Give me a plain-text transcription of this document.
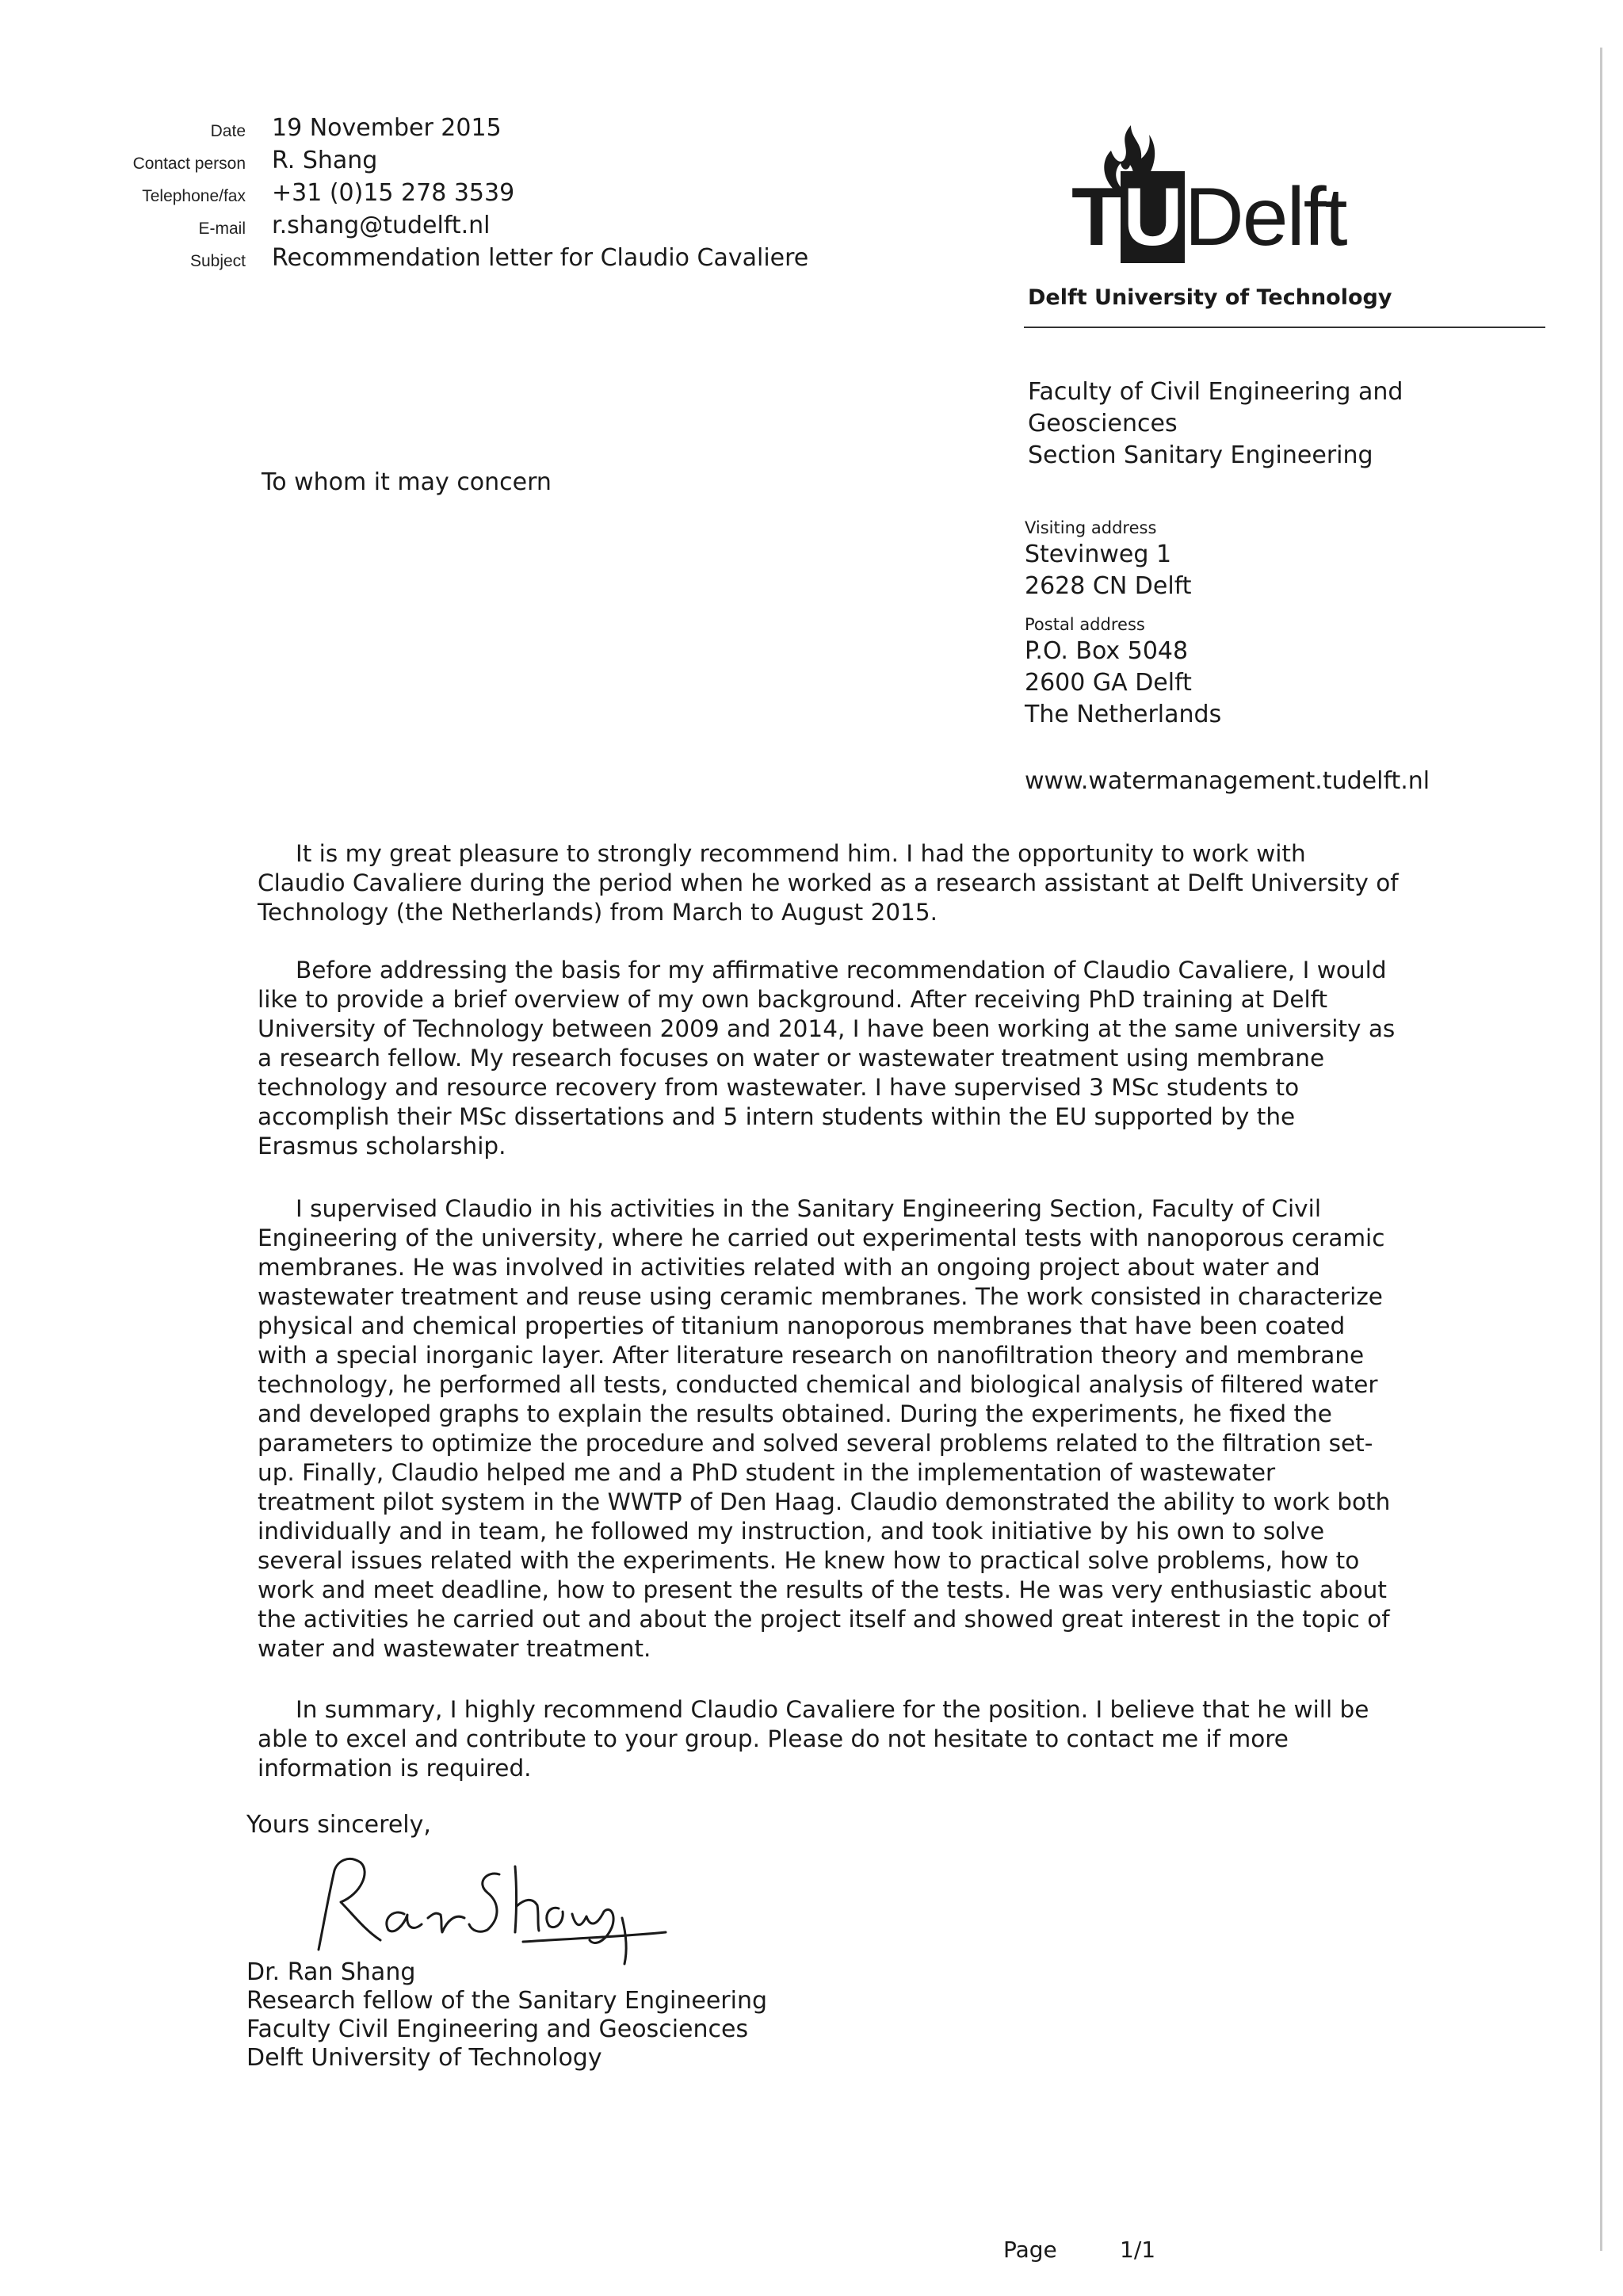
Date 19 November 2015
Contact person R. Shang
Telephone/fax +31 (0)15 278 3539
E-mail r.shang@tudelft.nl
Subject Recommendation letter for Claudio Cavaliere	TUDelft
Delft University of Technology
Faculty of Civil Engineering and
Geosciences
Section Sanitary Engineering
Visiting address
Stevinweg 1
2628 CN Delft
Postal address
P.O. Box 5048
2600 GA Delft
The Netherlands
www.watermanagement.tudelft.nl
To whom it may concern

It is my great pleasure to strongly recommend him. I had the opportunity to work with Claudio Cavaliere during the period when he worked as a research assistant at Delft University of Technology (the Netherlands) from March to August 2015.

Before addressing the basis for my affirmative recommendation of Claudio Cavaliere, I would like to provide a brief overview of my own background. After receiving PhD training at Delft University of Technology between 2009 and 2014, I have been working at the same university as a research fellow. My research focuses on water or wastewater treatment using membrane technology and resource recovery from wastewater. I have supervised 3 MSc students to accomplish their MSc dissertations and 5 intern students within the EU supported by the Erasmus scholarship.

I supervised Claudio in his activities in the Sanitary Engineering Section, Faculty of Civil Engineering of the university, where he carried out experimental tests with nanoporous ceramic membranes. He was involved in activities related with an ongoing project about water and wastewater treatment and reuse using ceramic membranes. The work consisted in characterize physical and chemical properties of titanium nanoporous membranes that have been coated with a special inorganic layer. After literature research on nanofiltration theory and membrane technology, he performed all tests, conducted chemical and biological analysis of filtered water and developed graphs to explain the results obtained. During the experiments, he fixed the parameters to optimize the procedure and solved several problems related to the filtration set-up. Finally, Claudio helped me and a PhD student in the implementation of wastewater treatment pilot system in the WWTP of Den Haag. Claudio demonstrated the ability to work both individually and in team, he followed my instruction, and took initiative by his own to solve several issues related with the experiments. He knew how to practical solve problems, how to work and meet deadline, how to present the results of the tests. He was very enthusiastic about the activities he carried out and about the project itself and showed great interest in the topic of water and wastewater treatment.

In summary, I highly recommend Claudio Cavaliere for the position. I believe that he will be able to excel and contribute to your group. Please do not hesitate to contact me if more information is required.

Yours sincerely,
Dr. Ran Shang
Research fellow of the Sanitary Engineering
Faculty Civil Engineering and Geosciences
Delft University of Technology
Page	1/1
